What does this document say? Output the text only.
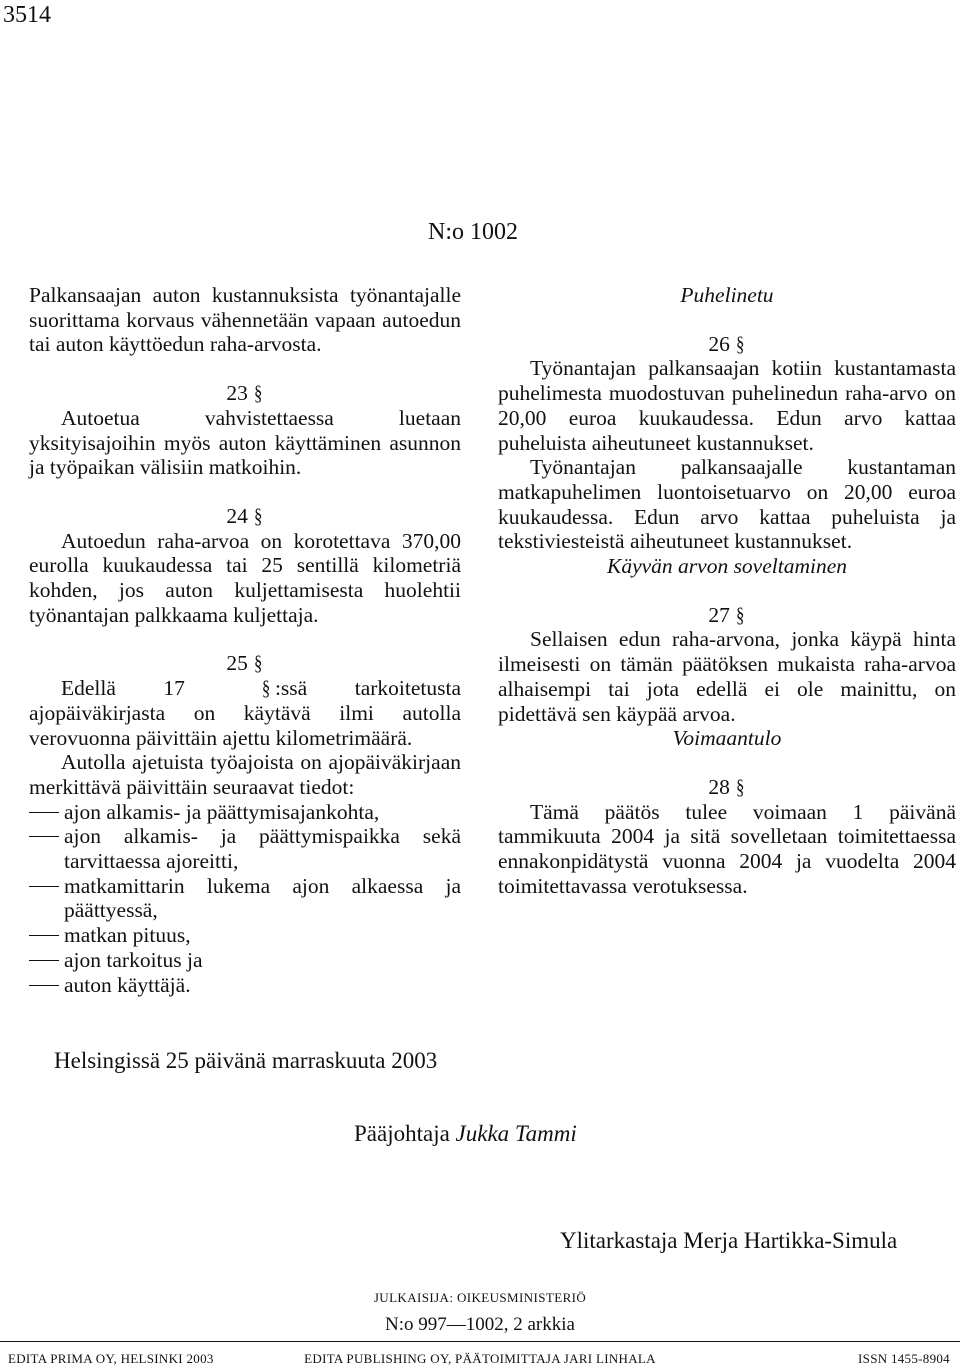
3514
N:o 1002

Palkansaajan auton kustannuksista työnantajalle suorittama korvaus vähennetään vapaan autoedun tai auton käyttöedun raha-arvosta.

23 §

Autoetua vahvistettaessa luetaan yksityisajoihin myös auton käyttäminen asunnon ja työpaikan välisiin matkoihin.

24 §

Autoedun raha-arvoa on korotettava 370,00 eurolla kuukaudessa tai 25 sentillä kilometriä kohden, jos auton kuljettamisesta huolehtii työnantajan palkkaama kuljettaja.

25 §

Edellä 17	§ :ssä tarkoitetusta ajopäiväkirjasta on käytävä ilmi autolla verovuonna päivittäin ajettu kilometrimäärä.

Autolla ajetuista työajoista on ajopäiväkirjaan merkittävä päivittäin seuraavat tiedot:

ajon alkamis- ja päättymisajankohta,
ajon alkamis- ja päättymispaikka sekä tarvittaessa ajoreitti,
matkamittarin lukema ajon alkaessa ja päättyessä,
matkan pituus,
ajon tarkoitus ja
auton käyttäjä.

Puhelinetu

26 §

Työnantajan palkansaajan kotiin kustantamasta puhelimesta muodostuvan puhelinedun raha-arvo on 20,00 euroa kuukaudessa. Edun arvo kattaa puheluista aiheutuneet kustannukset.

Työnantajan palkansaajalle kustantaman matkapuhelimen luontoisetuarvo on 20,00 euroa kuukaudessa. Edun arvo kattaa puheluista ja tekstiviesteistä aiheutuneet kustannukset.

Käyvän arvon soveltaminen

27 §

Sellaisen edun raha-arvona, jonka käypä hinta ilmeisesti on tämän päätöksen mukaista raha-arvoa alhaisempi tai jota edellä ei ole mainittu, on pidettävä sen käypää arvoa.

Voimaantulo

28 §

Tämä päätös tulee voimaan 1 päivänä tammikuuta 2004 ja sitä sovelletaan toimitettaessa ennakonpidätystä vuonna 2004 ja vuodelta 2004 toimitettavassa verotuksessa.

Helsingissä 25 päivänä marraskuuta 2003
Pääjohtaja Jukka Tammi
Ylitarkastaja Merja Hartikka-Simula
JULKAISIJA: OIKEUSMINISTERIÖ
N:o 997—1002, 2 arkkia
EDITA PRIMA OY, HELSINKI 2003	EDITA PUBLISHING OY, PÄÄTOIMITTAJA JARI LINHALA	ISSN 1455-8904
